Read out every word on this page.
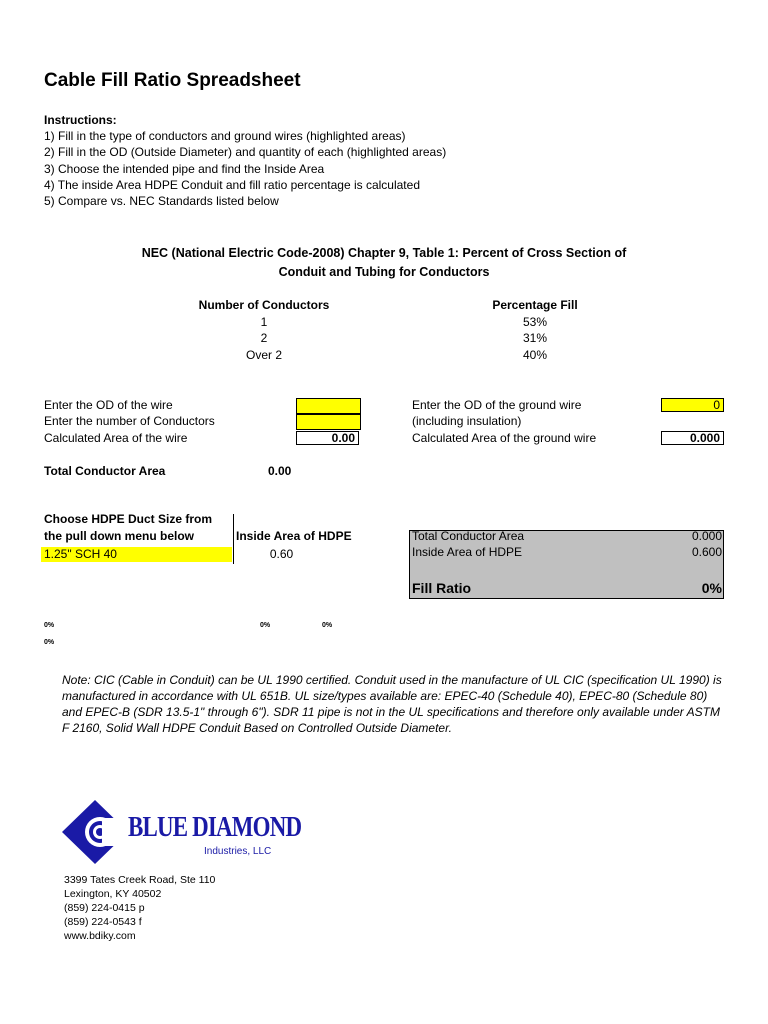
Cable Fill Ratio Spreadsheet
Instructions:
1) Fill in the type of conductors and ground wires (highlighted areas)
2) Fill in the OD (Outside Diameter) and quantity of each (highlighted areas)
3) Choose the intended pipe and find the Inside Area
4) The inside Area HDPE Conduit and fill ratio percentage is calculated
5) Compare vs. NEC Standards listed below
NEC (National Electric Code-2008) Chapter 9, Table 1: Percent of Cross Section of
Conduit and Tubing for Conductors
Number of Conductors	Percentage Fill
1	53%
2	31%
Over 2	40%
Enter the OD of the wire
Enter the number of Conductors
Calculated Area of the wire	0.00
Enter the OD of the ground wire	0
(including insulation)
Calculated Area of the ground wire	0.000
Total Conductor Area	0.00
Choose HDPE Duct Size from
the pull down menu below	Inside Area of HDPE
1.25" SCH 40	0.60
Total Conductor Area	0.000
Inside Area of HDPE	0.600
Fill Ratio	0%
0%	0%	0%
0%
Note: CIC (Cable in Conduit) can be UL 1990 certified. Conduit used in the manufacture of UL CIC (specification UL 1990) is manufactured in accordance with UL 651B. UL size/types available are: EPEC-40 (Schedule 40), EPEC-80 (Schedule 80) and EPEC-B (SDR 13.5-1" through 6"). SDR 11 pipe is not in the UL specifications and therefore only available under ASTM F 2160, Solid Wall HDPE Conduit Based on Controlled Outside Diameter.
BLUE DIAMOND
Industries, LLC
3399 Tates Creek Road, Ste 110
Lexington, KY 40502
(859) 224-0415 p
(859) 224-0543 f
www.bdiky.com
